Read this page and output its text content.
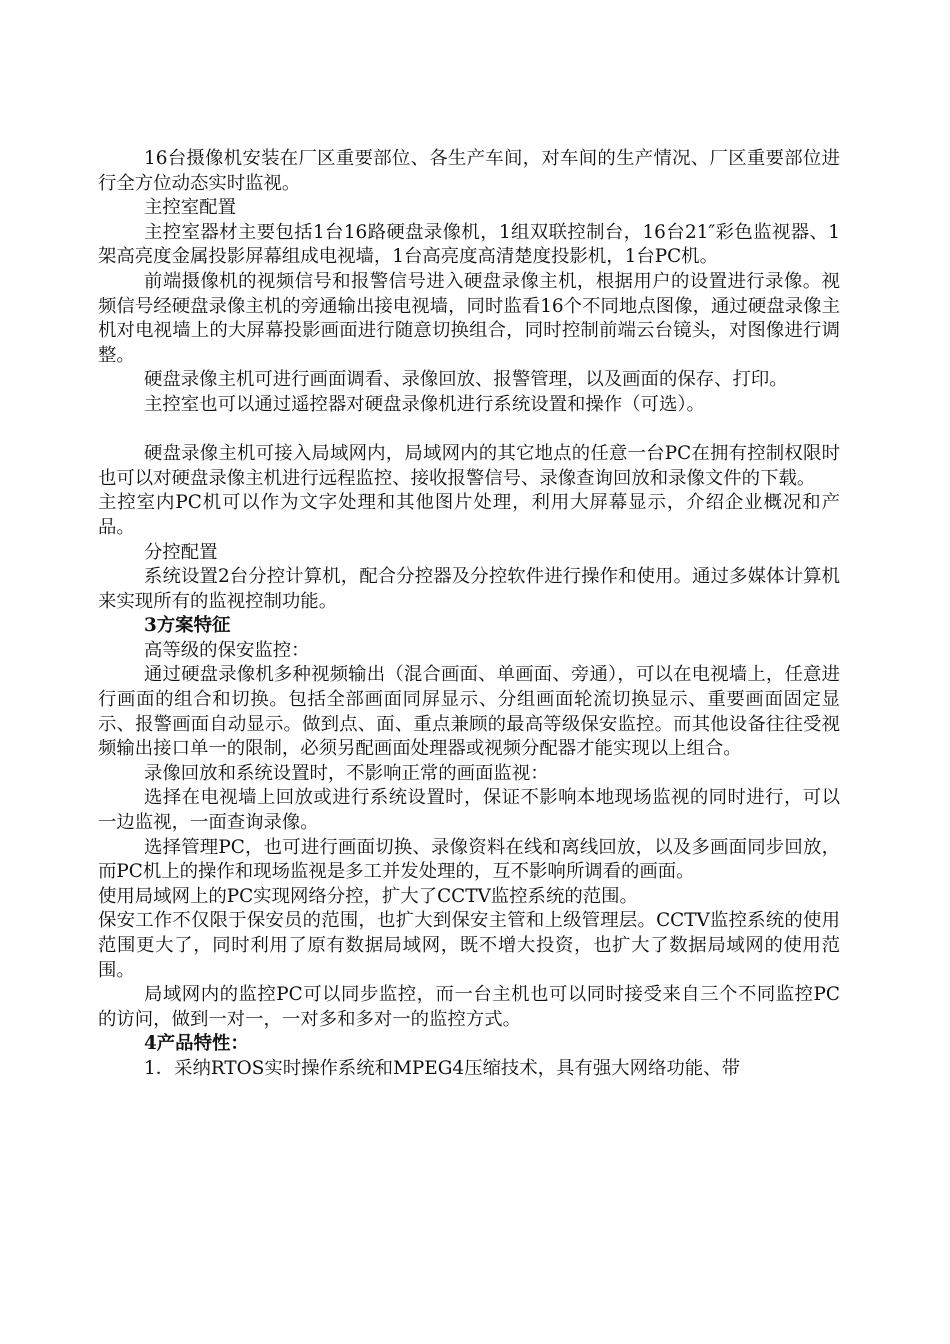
16台摄像机安装在厂区重要部位、各生产车间，对车间的生产情况、厂区重要部位进行全方位动态实时监视。

主控室配置

主控室器材主要包括1台16路硬盘录像机，1组双联控制台，16台21″彩色监视器、1架高亮度金属投影屏幕组成电视墙，1台高亮度高清楚度投影机，1台PC机。

前端摄像机的视频信号和报警信号进入硬盘录像主机，根据用户的设置进行录像。视频信号经硬盘录像主机的旁通输出接电视墙，同时监看16个不同地点图像，通过硬盘录像主机对电视墙上的大屏幕投影画面进行随意切换组合，同时控制前端云台镜头，对图像进行调整。

硬盘录像主机可进行画面调看、录像回放、报警管理，以及画面的保存、打印。

主控室也可以通过遥控器对硬盘录像机进行系统设置和操作（可选）。

硬盘录像主机可接入局域网内，局域网内的其它地点的任意一台PC在拥有控制权限时也可以对硬盘录像主机进行远程监控、接收报警信号、录像查询回放和录像文件的下载。

主控室内PC机可以作为文字处理和其他图片处理，利用大屏幕显示，介绍企业概况和产品。

分控配置

系统设置2台分控计算机，配合分控器及分控软件进行操作和使用。通过多媒体计算机来实现所有的监视控制功能。

3方案特征

高等级的保安监控：

通过硬盘录像机多种视频输出（混合画面、单画面、旁通），可以在电视墙上，任意进行画面的组合和切换。包括全部画面同屏显示、分组画面轮流切换显示、重要画面固定显示、报警画面自动显示。做到点、面、重点兼顾的最高等级保安监控。而其他设备往往受视频输出接口单一的限制，必须另配画面处理器或视频分配器才能实现以上组合。

录像回放和系统设置时，不影响正常的画面监视：

选择在电视墙上回放或进行系统设置时，保证不影响本地现场监视的同时进行，可以一边监视，一面查询录像。

选择管理PC，也可进行画面切换、录像资料在线和离线回放，以及多画面同步回放，而PC机上的操作和现场监视是多工并发处理的，互不影响所调看的画面。

使用局域网上的PC实现网络分控，扩大了CCTV监控系统的范围。

保安工作不仅限于保安员的范围，也扩大到保安主管和上级管理层。CCTV监控系统的使用范围更大了，同时利用了原有数据局域网，既不增大投资，也扩大了数据局域网的使用范围。

局域网内的监控PC可以同步监控，而一台主机也可以同时接受来自三个不同监控PC的访问，做到一对一，一对多和多对一的监控方式。

4产品特性：

1．采纳RTOS实时操作系统和MPEG4压缩技术，具有强大网络功能、带
